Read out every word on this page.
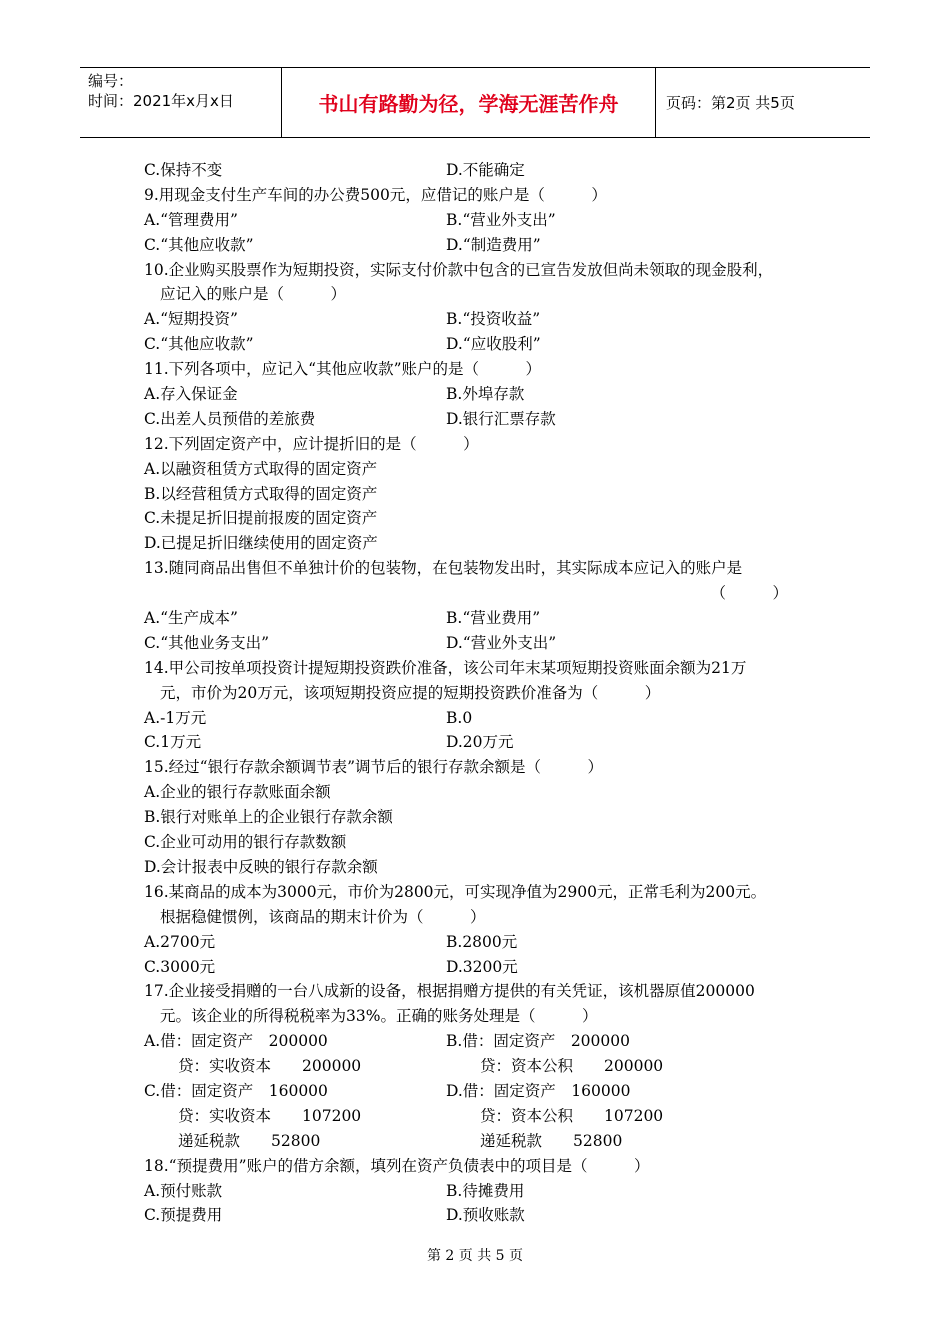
编号：
时间：2021年x月x日	书山有路勤为径，学海无涯苦作舟	页码：第2页 共5页
C.保持不变	D.不能确定
9.用现金支付生产车间的办公费500元，应借记的账户是（　　　）
A.“管理费用”	B.“营业外支出”
C.“其他应收款”	D.“制造费用”
10.企业购买股票作为短期投资，实际支付价款中包含的已宣告发放但尚未领取的现金股利，
应记入的账户是（　　　）
A.“短期投资”	B.“投资收益”
C.“其他应收款”	D.“应收股利”
11.下列各项中，应记入“其他应收款”账户的是（　　　）
A.存入保证金	B.外埠存款
C.出差人员预借的差旅费	D.银行汇票存款
12.下列固定资产中，应计提折旧的是（　　　）
A.以融资租赁方式取得的固定资产
B.以经营租赁方式取得的固定资产
C.未提足折旧提前报废的固定资产
D.已提足折旧继续使用的固定资产
13.随同商品出售但不单独计价的包装物，在包装物发出时，其实际成本应记入的账户是
（　　　）
A.“生产成本”	B.“营业费用”
C.“其他业务支出”	D.“营业外支出”
14.甲公司按单项投资计提短期投资跌价准备，该公司年末某项短期投资账面余额为21万
元，市价为20万元，该项短期投资应提的短期投资跌价准备为（　　　）
A.-1万元	B.0
C.1万元	D.20万元
15.经过“银行存款余额调节表”调节后的银行存款余额是（　　　）
A.企业的银行存款账面余额
B.银行对账单上的企业银行存款余额
C.企业可动用的银行存款数额
D.会计报表中反映的银行存款余额
16.某商品的成本为3000元，市价为2800元，可实现净值为2900元，正常毛利为200元。
根据稳健惯例，该商品的期末计价为（　　　）
A.2700元	B.2800元
C.3000元	D.3200元
17.企业接受捐赠的一台八成新的设备，根据捐赠方提供的有关凭证，该机器原值200000
元。该企业的所得税税率为33%。正确的账务处理是（　　　）
A.借：固定资产　200000	B.借：固定资产　200000
贷：实收资本　　200000	贷：资本公积　　200000
C.借：固定资产　160000	D.借：固定资产　160000
贷：实收资本　　107200	贷：资本公积　　107200
递延税款　　52800	递延税款　　52800
18.“预提费用”账户的借方余额，填列在资产负债表中的项目是（　　　）
A.预付账款	B.待摊费用
C.预提费用	D.预收账款
第 2 页 共 5 页
